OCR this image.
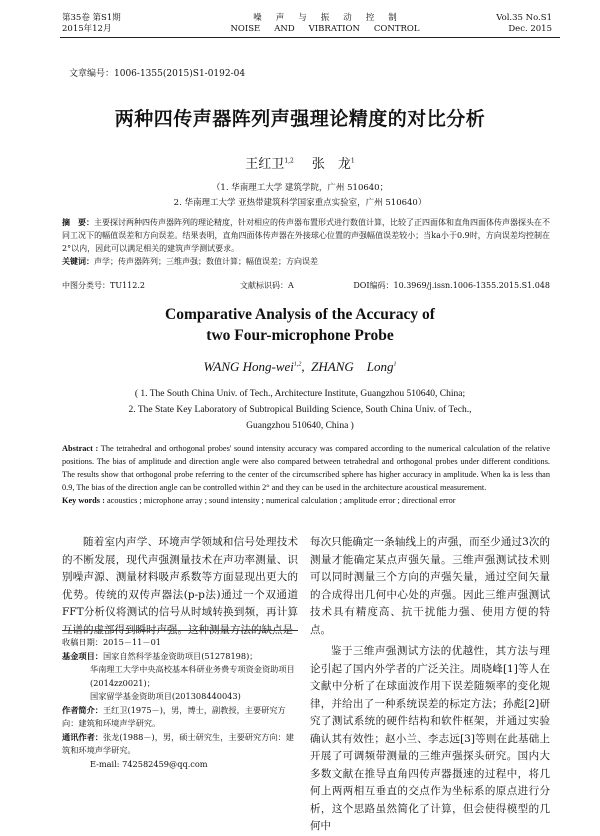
第35卷 第S1期
2015年12月
噪 声 与 振 动 控 制
NOISE AND VIBRATION CONTROL
Vol.35 No.S1
Dec. 2015
文章编号：1006-1355(2015)S1-0192-04
两种四传声器阵列声强理论精度的对比分析
王红卫$^{1,2}$ 张　龙$^1$
（1. 华南理工大学 建筑学院，广州 510640；
2. 华南理工大学 亚热带建筑科学国家重点实验室，广州 510640）
摘　要：主要探讨两种四传声器阵列的理论精度，针对相应的传声器布置形式进行数值计算，比较了正四面体和直角四面体传声器探头在不同工况下的幅值误差和方向误差。结果表明，直角四面体传声器在外接球心位置的声强幅值误差较小；当ka小于0.9时，方向误差均控制在2°以内，因此可以满足相关的建筑声学测试要求。
关键词：声学；传声器阵列；三维声强；数值计算；幅值误差；方向误差
中图分类号：TU112.2	文献标识码：A	DOI编码：10.3969/j.issn.1006-1355.2015.S1.048
Comparative Analysis of the Accuracy of
two Four-microphone Probe
WANG Hong-wei$^{1,2}$,  ZHANG　Long$^1$
( 1. The South China Univ. of Tech., Architecture Institute, Guangzhou 510640, China;
2. The State Key Laboratory of Subtropical Building Science, South China Univ. of Tech.,
Guangzhou 510640, China )
Abstract : The tetrahedral and orthogonal probes' sound intensity accuracy was compared according to the numerical calculation of the relative positions. The bias of amplitude and direction angle were also compared between tetrahedral and orthogonal probes under different conditions. The results show that orthogonal probe referring to the center of the circumscribed sphere has higher accuracy in amplitude. When ka is less than 0.9, The bias of the direction angle can be controlled within 2° and they can be used in the architecture acoustical measurement.
Key words : acoustics ; microphone array ; sound intensity ; numerical calculation ; amplitude error ; directional error

随着室内声学、环境声学领域和信号处理技术的不断发展，现代声强测量技术在声功率测量、识别噪声源、测量材料吸声系数等方面显现出更大的优势。传统的双传声器法(p-p法)通过一个双通道FFT分析仪将测试的信号从时域转换到频，再计算互谱的虚部得到瞬时声强。这种测量方法的缺点是

收稿日期：2015－11－01
基金项目：国家自然科学基金资助项目(51278198)；
华南理工大学中央高校基本科研业务费专项资金资助项目(2014zz0021)；
国家留学基金资助项目(201308440043)
作者简介：王红卫(1975－)，男，博士，副教授，主要研究方向：建筑和环境声学研究。
通讯作者：张龙(1988－)，男，硕士研究生，主要研究方向：建筑和环境声学研究。
E-mail: 742582459@qq.com

每次只能确定一条轴线上的声强，而至少通过3次的测量才能确定某点声强矢量。三维声强测试技术则可以同时测量三个方向的声强矢量，通过空间矢量的合成得出几何中心处的声强。因此三维声强测试技术具有精度高、抗干扰能力强、使用方便的特点。

鉴于三维声强测试方法的优越性，其方法与理论引起了国内外学者的广泛关注。周晓峰[1]等人在文献中分析了在球面波作用下误差随频率的变化规律，并给出了一种系统误差的标定方法；孙彪[2]研究了测试系统的硬件结构和软件框架，并通过实验确认其有效性；赵小兰、李志远[3]等则在此基础上开展了可调频带测量的三维声强探头研究。国内大多数文献在推导直角四传声器摄速的过程中，将几何上两两相互垂直的交点作为坐标系的原点进行分析，这个思路虽然简化了计算，但会使得模型的几何中
